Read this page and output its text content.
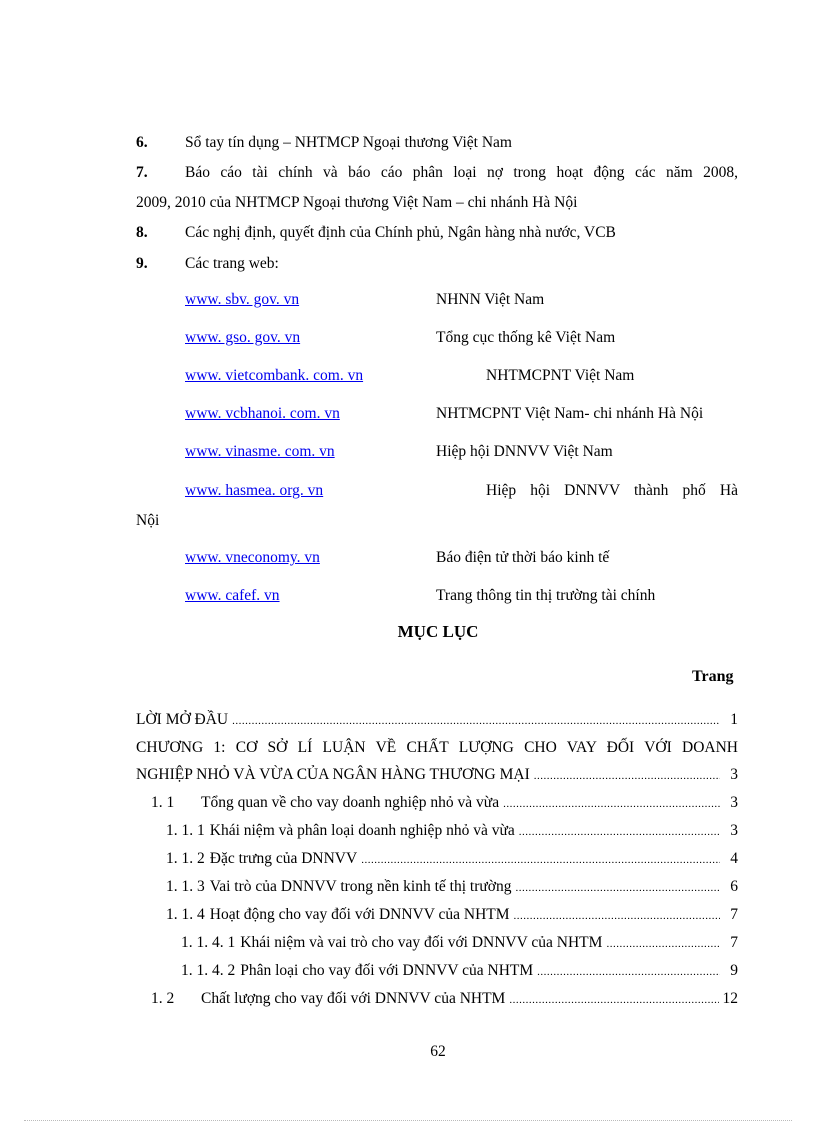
6. Sổ tay tín dụng – NHTMCP Ngoại thương Việt Nam
7. Báo cáo tài chính và báo cáo phân loại nợ trong hoạt động các năm 2008,
2009, 2010 của NHTMCP Ngoại thương Việt Nam – chi nhánh Hà Nội
8. Các nghị định, quyết định của Chính phủ, Ngân hàng nhà nước, VCB
9. Các trang web:
www. sbv. gov. vn	NHNN Việt Nam
www. gso. gov. vn	Tổng cục thống kê Việt Nam
www. vietcombank. com. vn	NHTMCPNT Việt Nam
www. vcbhanoi. com. vn	NHTMCPNT Việt Nam- chi nhánh Hà Nội
www. vinasme. com. vn	Hiệp hội DNNVV Việt Nam
www. hasmea. org. vn	Hiệp hội DNNVV thành phố Hà
Nội
www. vneconomy. vn	Báo điện tử thời báo kinh tế
www. cafef. vn	Trang thông tin thị trường tài chính
MỤC LỤC
Trang
LỜI MỞ ĐẦU .....	1
CHƯƠNG 1: CƠ SỞ LÍ LUẬN VỀ CHẤT LƯỢNG CHO VAY ĐỐI VỚI DOANH
NGHIỆP NHỎ VÀ VỪA CỦA NGÂN HÀNG THƯƠNG MẠI .....	3
1. 1	Tổng quan về cho vay doanh nghiệp nhỏ và vừa .....	3
1. 1. 1 Khái niệm và phân loại doanh nghiệp nhỏ và vừa .....	3
1. 1. 2 Đặc trưng của DNNVV .....	4
1. 1. 3 Vai trò của DNNVV trong nền kinh tế thị trường .....	6
1. 1. 4 Hoạt động cho vay đối với DNNVV của NHTM .....	7
1. 1. 4. 1 Khái niệm và vai trò cho vay đối với DNNVV của NHTM .....	7
1. 1. 4. 2 Phân loại cho vay đối với DNNVV của NHTM .....	9
1. 2	Chất lượng cho vay đối với DNNVV của NHTM .....	12
62
